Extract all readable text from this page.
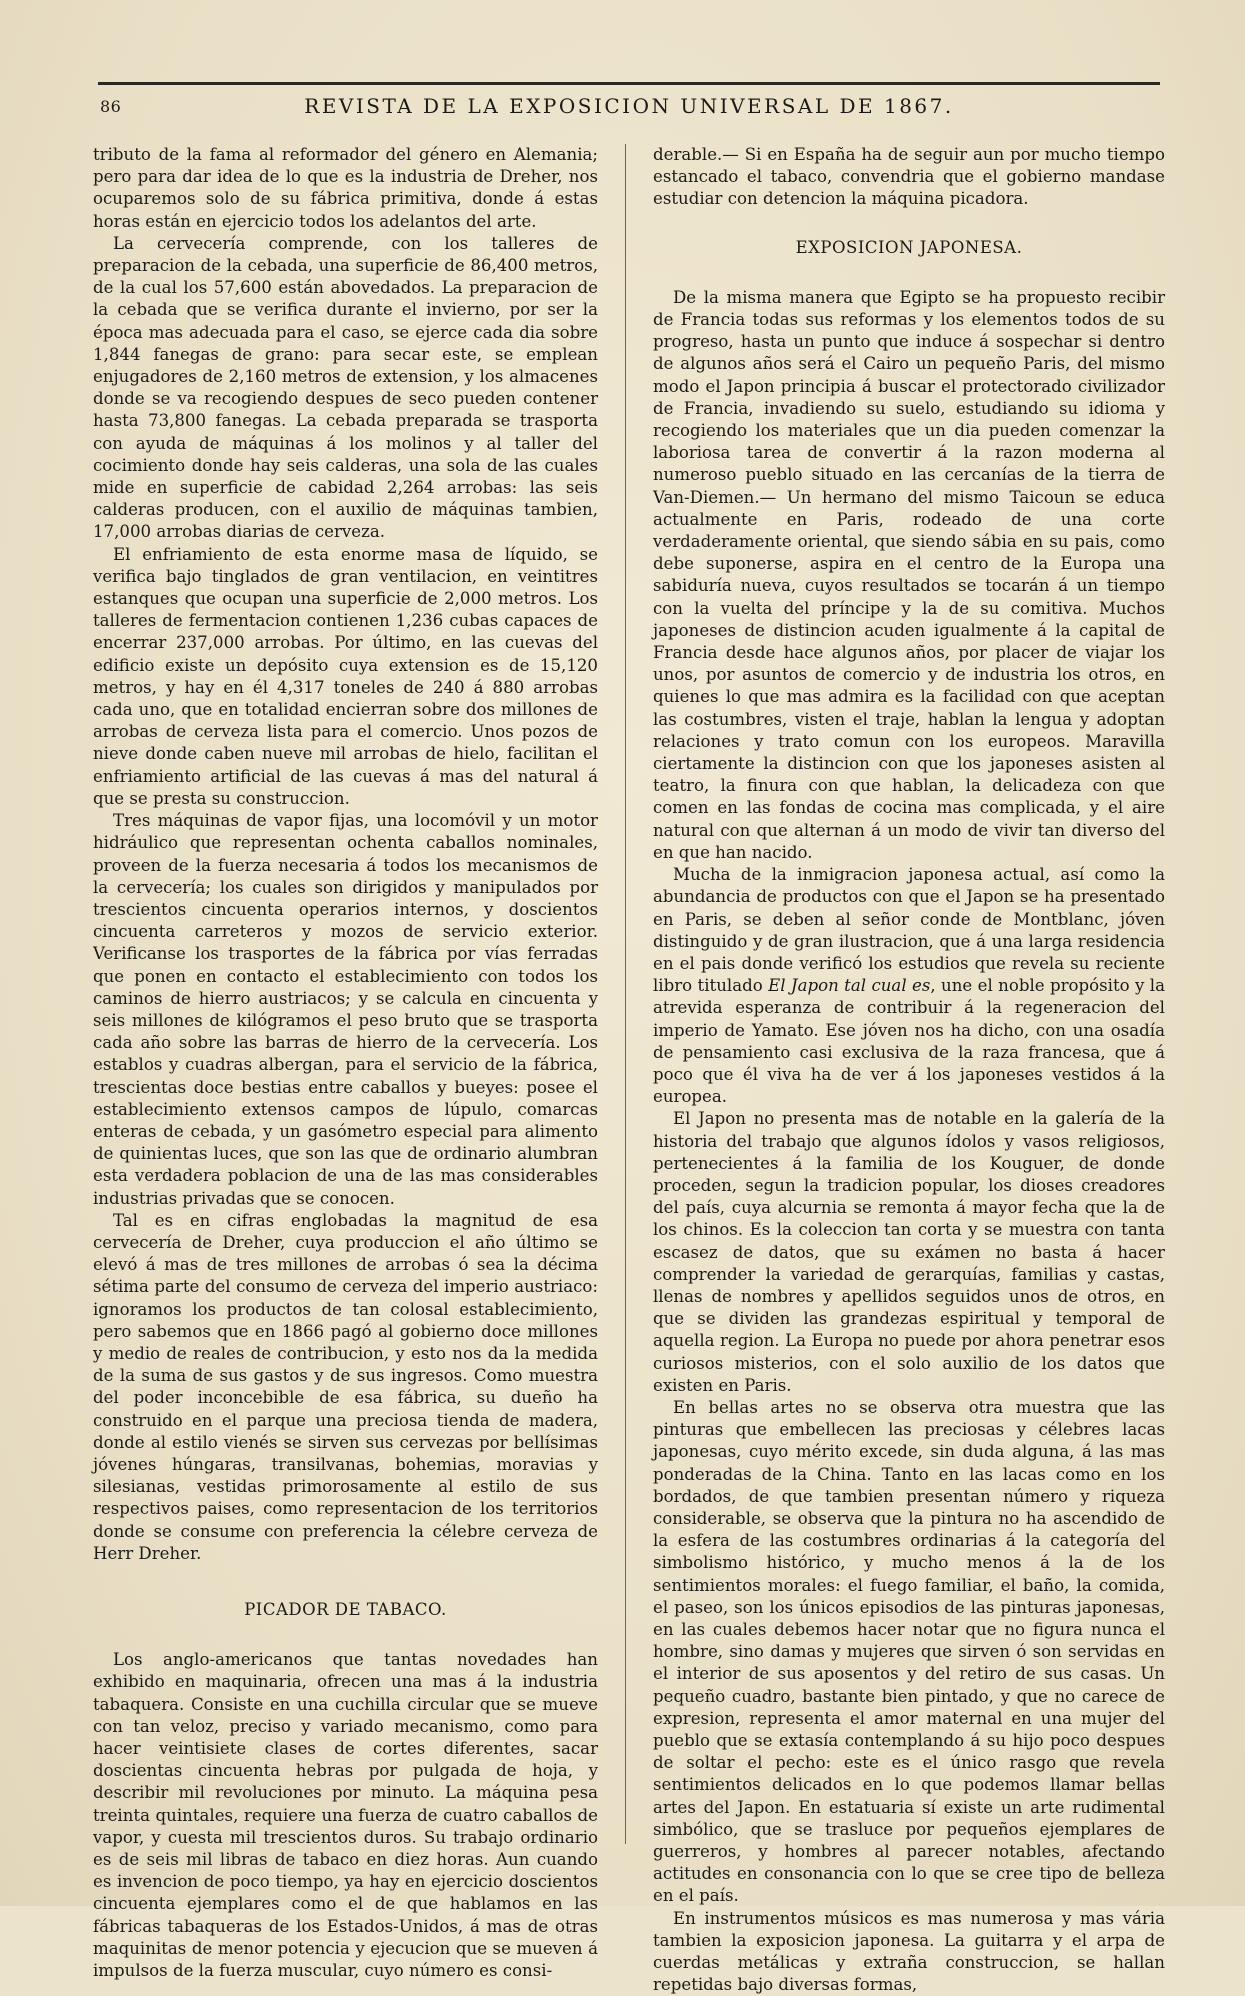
86	REVISTA DE LA EXPOSICION UNIVERSAL DE 1867.

tributo de la fama al reformador del género en Alemania; pero para dar idea de lo que es la industria de Dreher, nos ocuparemos solo de su fábrica primitiva, donde á estas horas están en ejercicio todos los adelantos del arte.

La cervecería comprende, con los talleres de preparacion de la cebada, una superficie de 86,400 metros, de la cual los 57,600 están abovedados. La preparacion de la cebada que se verifica durante el invierno, por ser la época mas adecuada para el caso, se ejerce cada dia sobre 1,844 fanegas de grano: para secar este, se emplean enjugadores de 2,160 metros de extension, y los almacenes donde se va recogiendo despues de seco pueden contener hasta 73,800 fanegas. La cebada preparada se trasporta con ayuda de máquinas á los molinos y al taller del cocimiento donde hay seis calderas, una sola de las cuales mide en superficie de cabidad 2,264 arrobas: las seis calderas producen, con el auxilio de máquinas tambien, 17,000 arrobas diarias de cerveza.

El enfriamiento de esta enorme masa de líquido, se verifica bajo tinglados de gran ventilacion, en veintitres estanques que ocupan una superficie de 2,000 metros. Los talleres de fermentacion contienen 1,236 cubas capaces de encerrar 237,000 arrobas. Por último, en las cuevas del edificio existe un depósito cuya extension es de 15,120 metros, y hay en él 4,317 toneles de 240 á 880 arrobas cada uno, que en totalidad encierran sobre dos millones de arrobas de cerveza lista para el comercio. Unos pozos de nieve donde caben nueve mil arrobas de hielo, facilitan el enfriamiento artificial de las cuevas á mas del natural á que se presta su construccion.

Tres máquinas de vapor fijas, una locomóvil y un motor hidráulico que representan ochenta caballos nominales, proveen de la fuerza necesaria á todos los mecanismos de la cervecería; los cuales son dirigidos y manipulados por trescientos cincuenta operarios internos, y doscientos cincuenta carreteros y mozos de servicio exterior. Verificanse los trasportes de la fábrica por vías ferradas que ponen en contacto el establecimiento con todos los caminos de hierro austriacos; y se calcula en cincuenta y seis millones de kilógramos el peso bruto que se trasporta cada año sobre las barras de hierro de la cervecería. Los establos y cuadras albergan, para el servicio de la fábrica, trescientas doce bestias entre caballos y bueyes: posee el establecimiento extensos campos de lúpulo, comarcas enteras de cebada, y un gasómetro especial para alimento de quinientas luces, que son las que de ordinario alumbran esta verdadera poblacion de una de las mas considerables industrias privadas que se conocen.

Tal es en cifras englobadas la magnitud de esa cervecería de Dreher, cuya produccion el año último se elevó á mas de tres millones de arrobas ó sea la décima sétima parte del consumo de cerveza del imperio austriaco: ignoramos los productos de tan colosal establecimiento, pero sabemos que en 1866 pagó al gobierno doce millones y medio de reales de contribucion, y esto nos da la medida de la suma de sus gastos y de sus ingresos. Como muestra del poder inconcebible de esa fábrica, su dueño ha construido en el parque una preciosa tienda de madera, donde al estilo vienés se sirven sus cervezas por bellísimas jóvenes húngaras, transilvanas, bohemias, moravias y silesianas, vestidas primorosamente al estilo de sus respectivos paises, como representacion de los territorios donde se consume con preferencia la célebre cerveza de Herr Dreher.

PICADOR DE TABACO.

Los anglo-americanos que tantas novedades han exhibido en maquinaria, ofrecen una mas á la industria tabaquera. Consiste en una cuchilla circular que se mueve con tan veloz, preciso y variado mecanismo, como para hacer veintisiete clases de cortes diferentes, sacar doscientas cincuenta hebras por pulgada de hoja, y describir mil revoluciones por minuto. La máquina pesa treinta quintales, requiere una fuerza de cuatro caballos de vapor, y cuesta mil trescientos duros. Su trabajo ordinario es de seis mil libras de tabaco en diez horas. Aun cuando es invencion de poco tiempo, ya hay en ejercicio doscientos cincuenta ejemplares como el de que hablamos en las fábricas tabaqueras de los Estados-Unidos, á mas de otras maquinitas de menor potencia y ejecucion que se mueven á impulsos de la fuerza muscular, cuyo número es consi-

derable.— Si en España ha de seguir aun por mucho tiempo estancado el tabaco, convendria que el gobierno mandase estudiar con detencion la máquina picadora.

EXPOSICION JAPONESA.

De la misma manera que Egipto se ha propuesto recibir de Francia todas sus reformas y los elementos todos de su progreso, hasta un punto que induce á sospechar si dentro de algunos años será el Cairo un pequeño Paris, del mismo modo el Japon principia á buscar el protectorado civilizador de Francia, invadiendo su suelo, estudiando su idioma y recogiendo los materiales que un dia pueden comenzar la laboriosa tarea de convertir á la razon moderna al numeroso pueblo situado en las cercanías de la tierra de Van-Diemen.— Un hermano del mismo Taicoun se educa actualmente en Paris, rodeado de una corte verdaderamente oriental, que siendo sábia en su pais, como debe suponerse, aspira en el centro de la Europa una sabiduría nueva, cuyos resultados se tocarán á un tiempo con la vuelta del príncipe y la de su comitiva. Muchos japoneses de distincion acuden igualmente á la capital de Francia desde hace algunos años, por placer de viajar los unos, por asuntos de comercio y de industria los otros, en quienes lo que mas admira es la facilidad con que aceptan las costumbres, visten el traje, hablan la lengua y adoptan relaciones y trato comun con los europeos. Maravilla ciertamente la distincion con que los japoneses asisten al teatro, la finura con que hablan, la delicadeza con que comen en las fondas de cocina mas complicada, y el aire natural con que alternan á un modo de vivir tan diverso del en que han nacido.

Mucha de la inmigracion japonesa actual, así como la abundancia de productos con que el Japon se ha presentado en Paris, se deben al señor conde de Montblanc, jóven distinguido y de gran ilustracion, que á una larga residencia en el pais donde verificó los estudios que revela su reciente libro titulado El Japon tal cual es, une el noble propósito y la atrevida esperanza de contribuir á la regeneracion del imperio de Yamato. Ese jóven nos ha dicho, con una osadía de pensamiento casi exclusiva de la raza francesa, que á poco que él viva ha de ver á los japoneses vestidos á la europea.

El Japon no presenta mas de notable en la galería de la historia del trabajo que algunos ídolos y vasos religiosos, pertenecientes á la familia de los Kouguer, de donde proceden, segun la tradicion popular, los dioses creadores del país, cuya alcurnia se remonta á mayor fecha que la de los chinos. Es la coleccion tan corta y se muestra con tanta escasez de datos, que su exámen no basta á hacer comprender la variedad de gerarquías, familias y castas, llenas de nombres y apellidos seguidos unos de otros, en que se dividen las grandezas espiritual y temporal de aquella region. La Europa no puede por ahora penetrar esos curiosos misterios, con el solo auxilio de los datos que existen en Paris.

En bellas artes no se observa otra muestra que las pinturas que embellecen las preciosas y célebres lacas japonesas, cuyo mérito excede, sin duda alguna, á las mas ponderadas de la China. Tanto en las lacas como en los bordados, de que tambien presentan número y riqueza considerable, se observa que la pintura no ha ascendido de la esfera de las costumbres ordinarias á la categoría del simbolismo histórico, y mucho menos á la de los sentimientos morales: el fuego familiar, el baño, la comida, el paseo, son los únicos episodios de las pinturas japonesas, en las cuales debemos hacer notar que no figura nunca el hombre, sino damas y mujeres que sirven ó son servidas en el interior de sus aposentos y del retiro de sus casas. Un pequeño cuadro, bastante bien pintado, y que no carece de expresion, representa el amor maternal en una mujer del pueblo que se extasía contemplando á su hijo poco despues de soltar el pecho: este es el único rasgo que revela sentimientos delicados en lo que podemos llamar bellas artes del Japon. En estatuaria sí existe un arte rudimental simbólico, que se trasluce por pequeños ejemplares de guerreros, y hombres al parecer notables, afectando actitudes en consonancia con lo que se cree tipo de belleza en el país.

En instrumentos músicos es mas numerosa y mas vária tambien la exposicion japonesa. La guitarra y el arpa de cuerdas metálicas y extraña construccion, se hallan repetidas bajo diversas formas,
